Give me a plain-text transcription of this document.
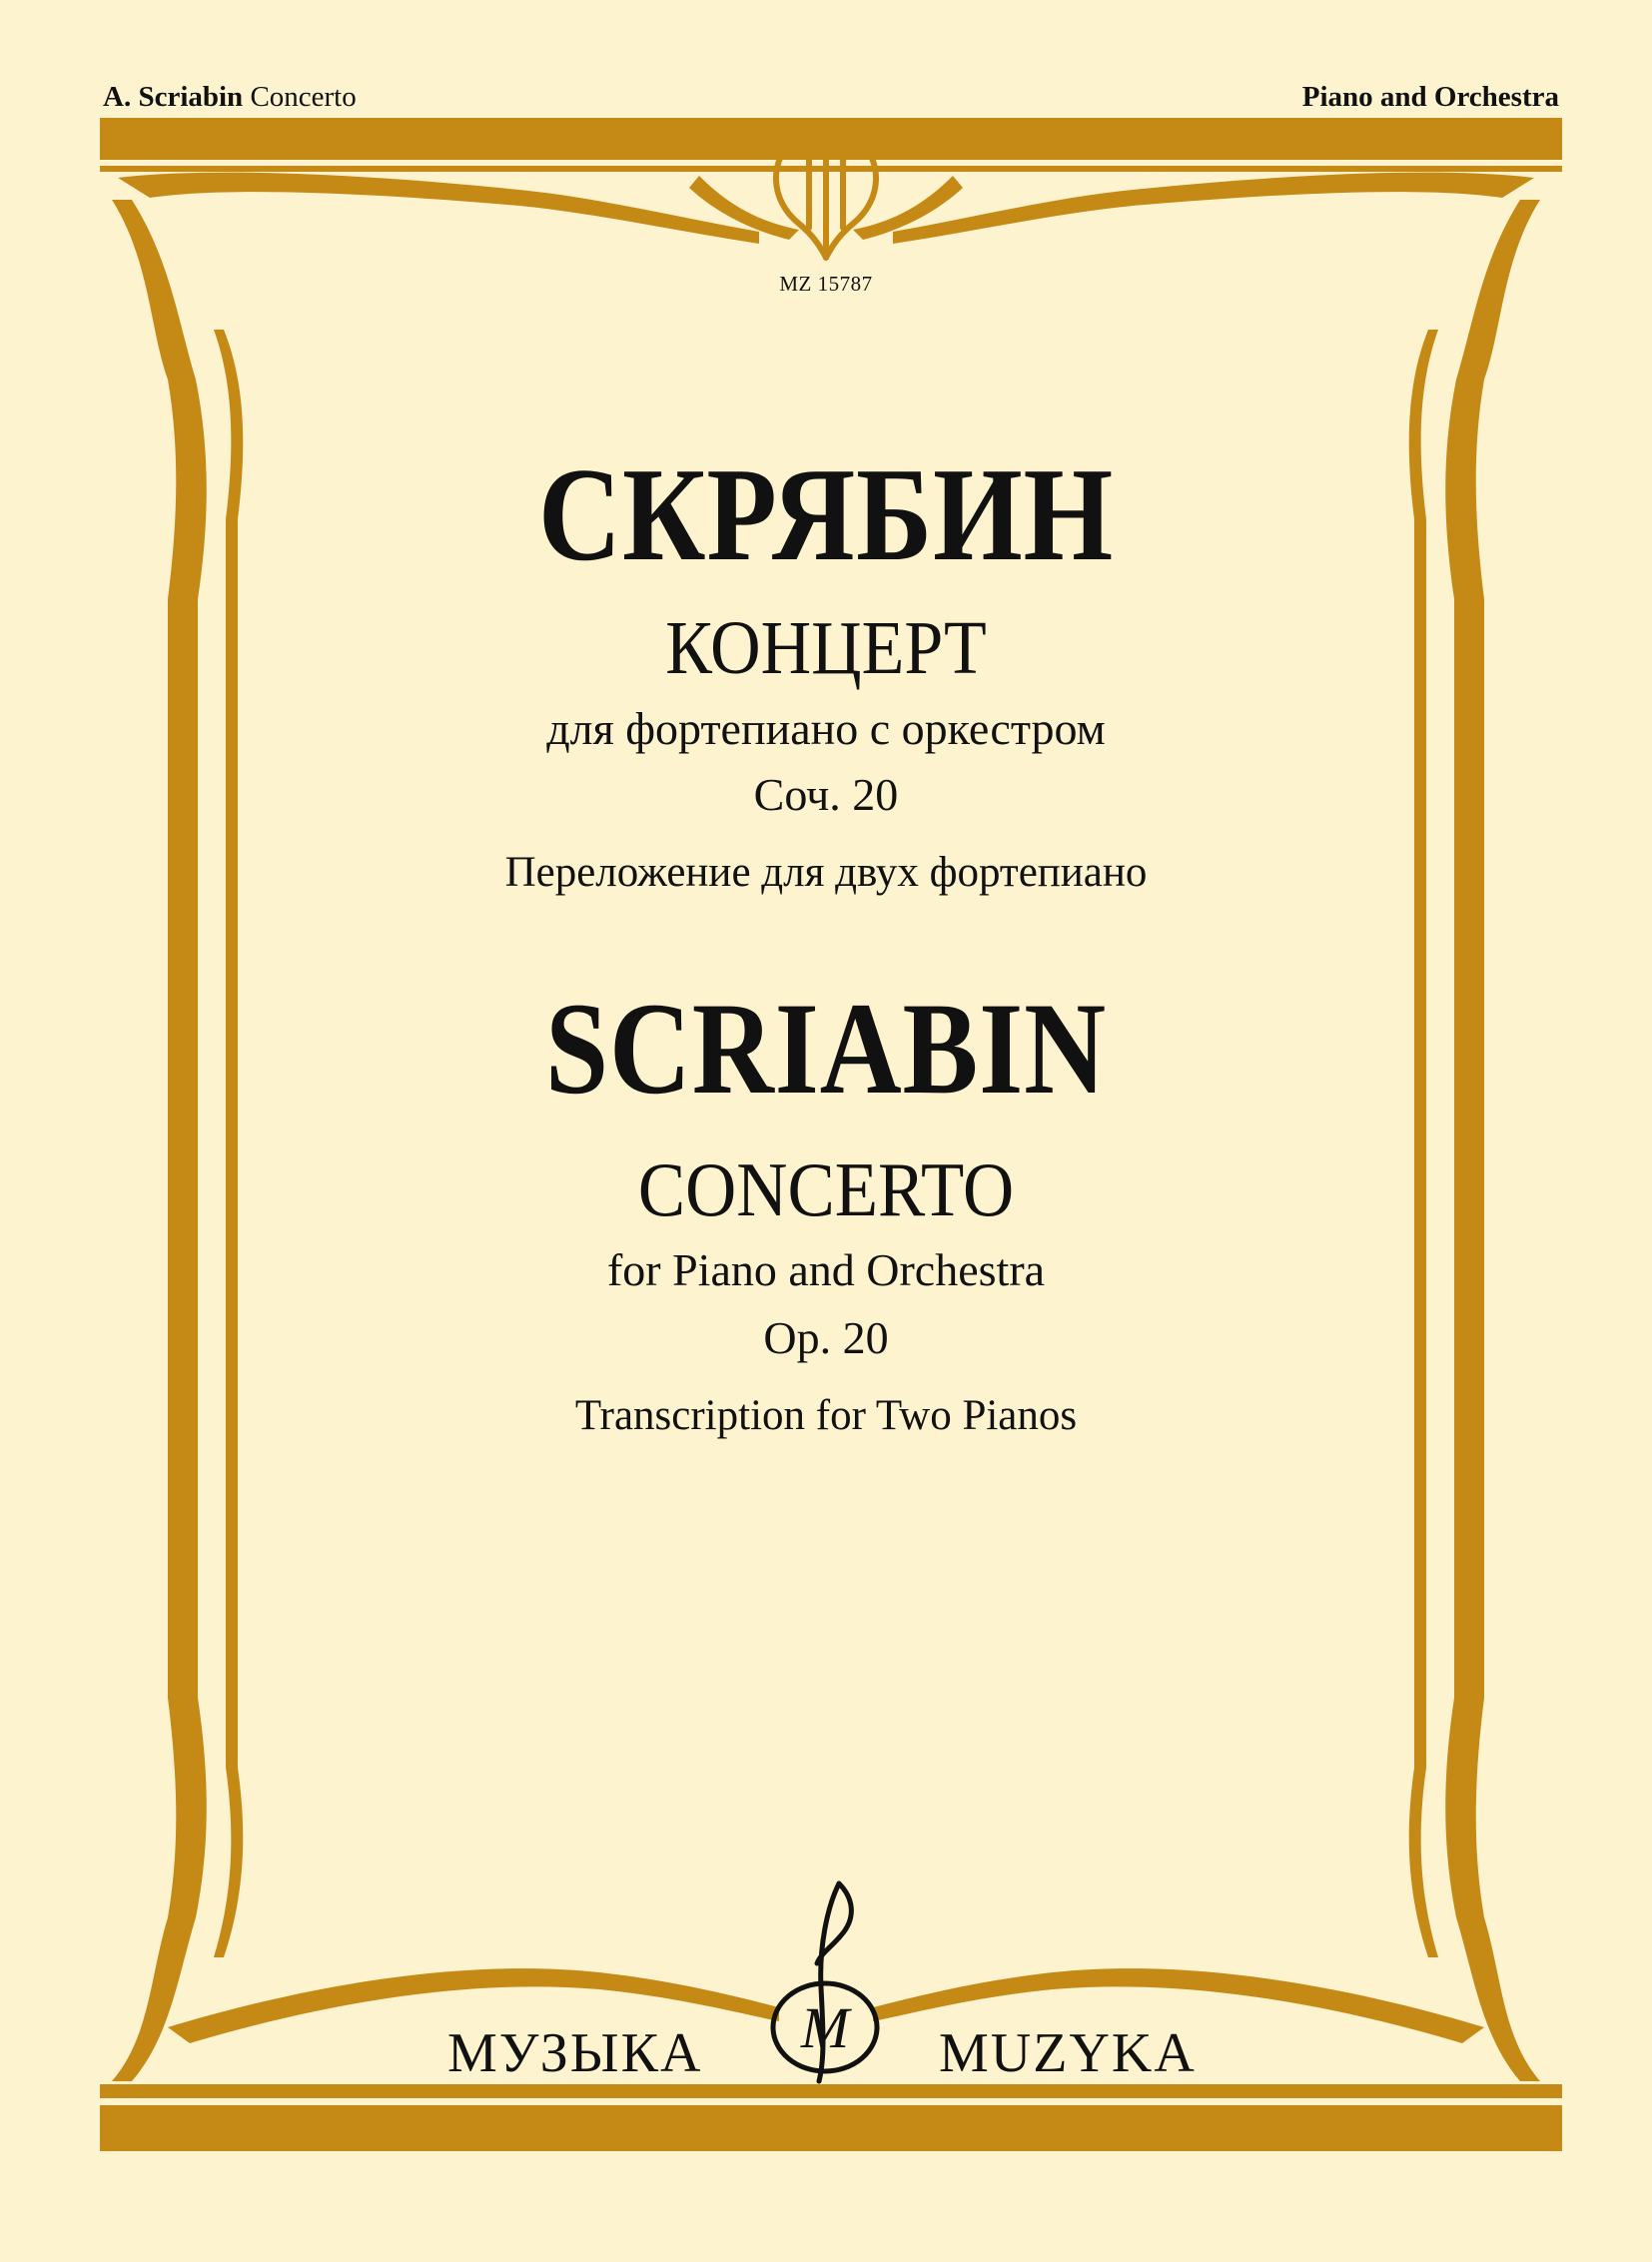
A. Scriabin Concerto	Piano and Orchestra
MZ 15787
СКРЯБИН
КОНЦЕРТ
для фортепиано с оркестром
Соч. 20
Переложение для двух фортепиано
SCRIABIN
CONCERTO
for Piano and Orchestra
Op. 20
Transcription for Two Pianos
M
МУЗЫКА	MUZYKA
